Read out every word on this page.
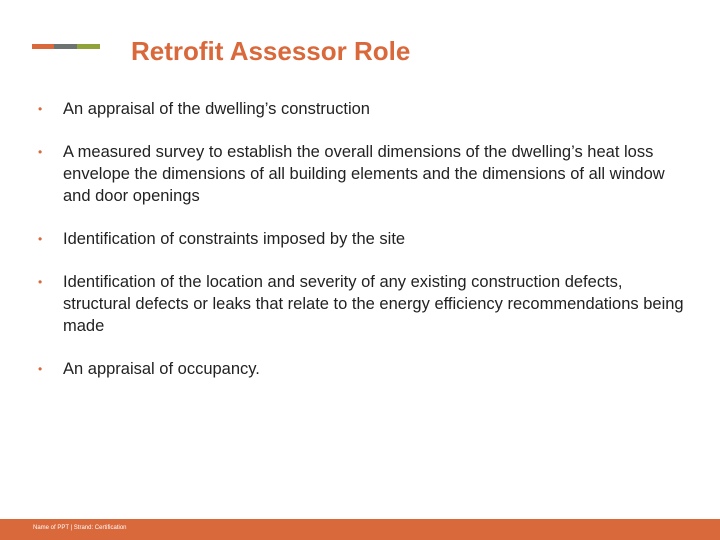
Retrofit Assessor Role
• An appraisal of the dwelling’s construction
• A measured survey to establish the overall dimensions of the dwelling’s heat loss envelope the dimensions of all building elements and the dimensions of all window and door openings
• Identification of constraints imposed by the site
• Identification of the location and severity of any existing construction defects, structural defects or leaks that relate to the energy efficiency recommendations being made
• An appraisal of occupancy.
Name of PPT | Strand: Certification
